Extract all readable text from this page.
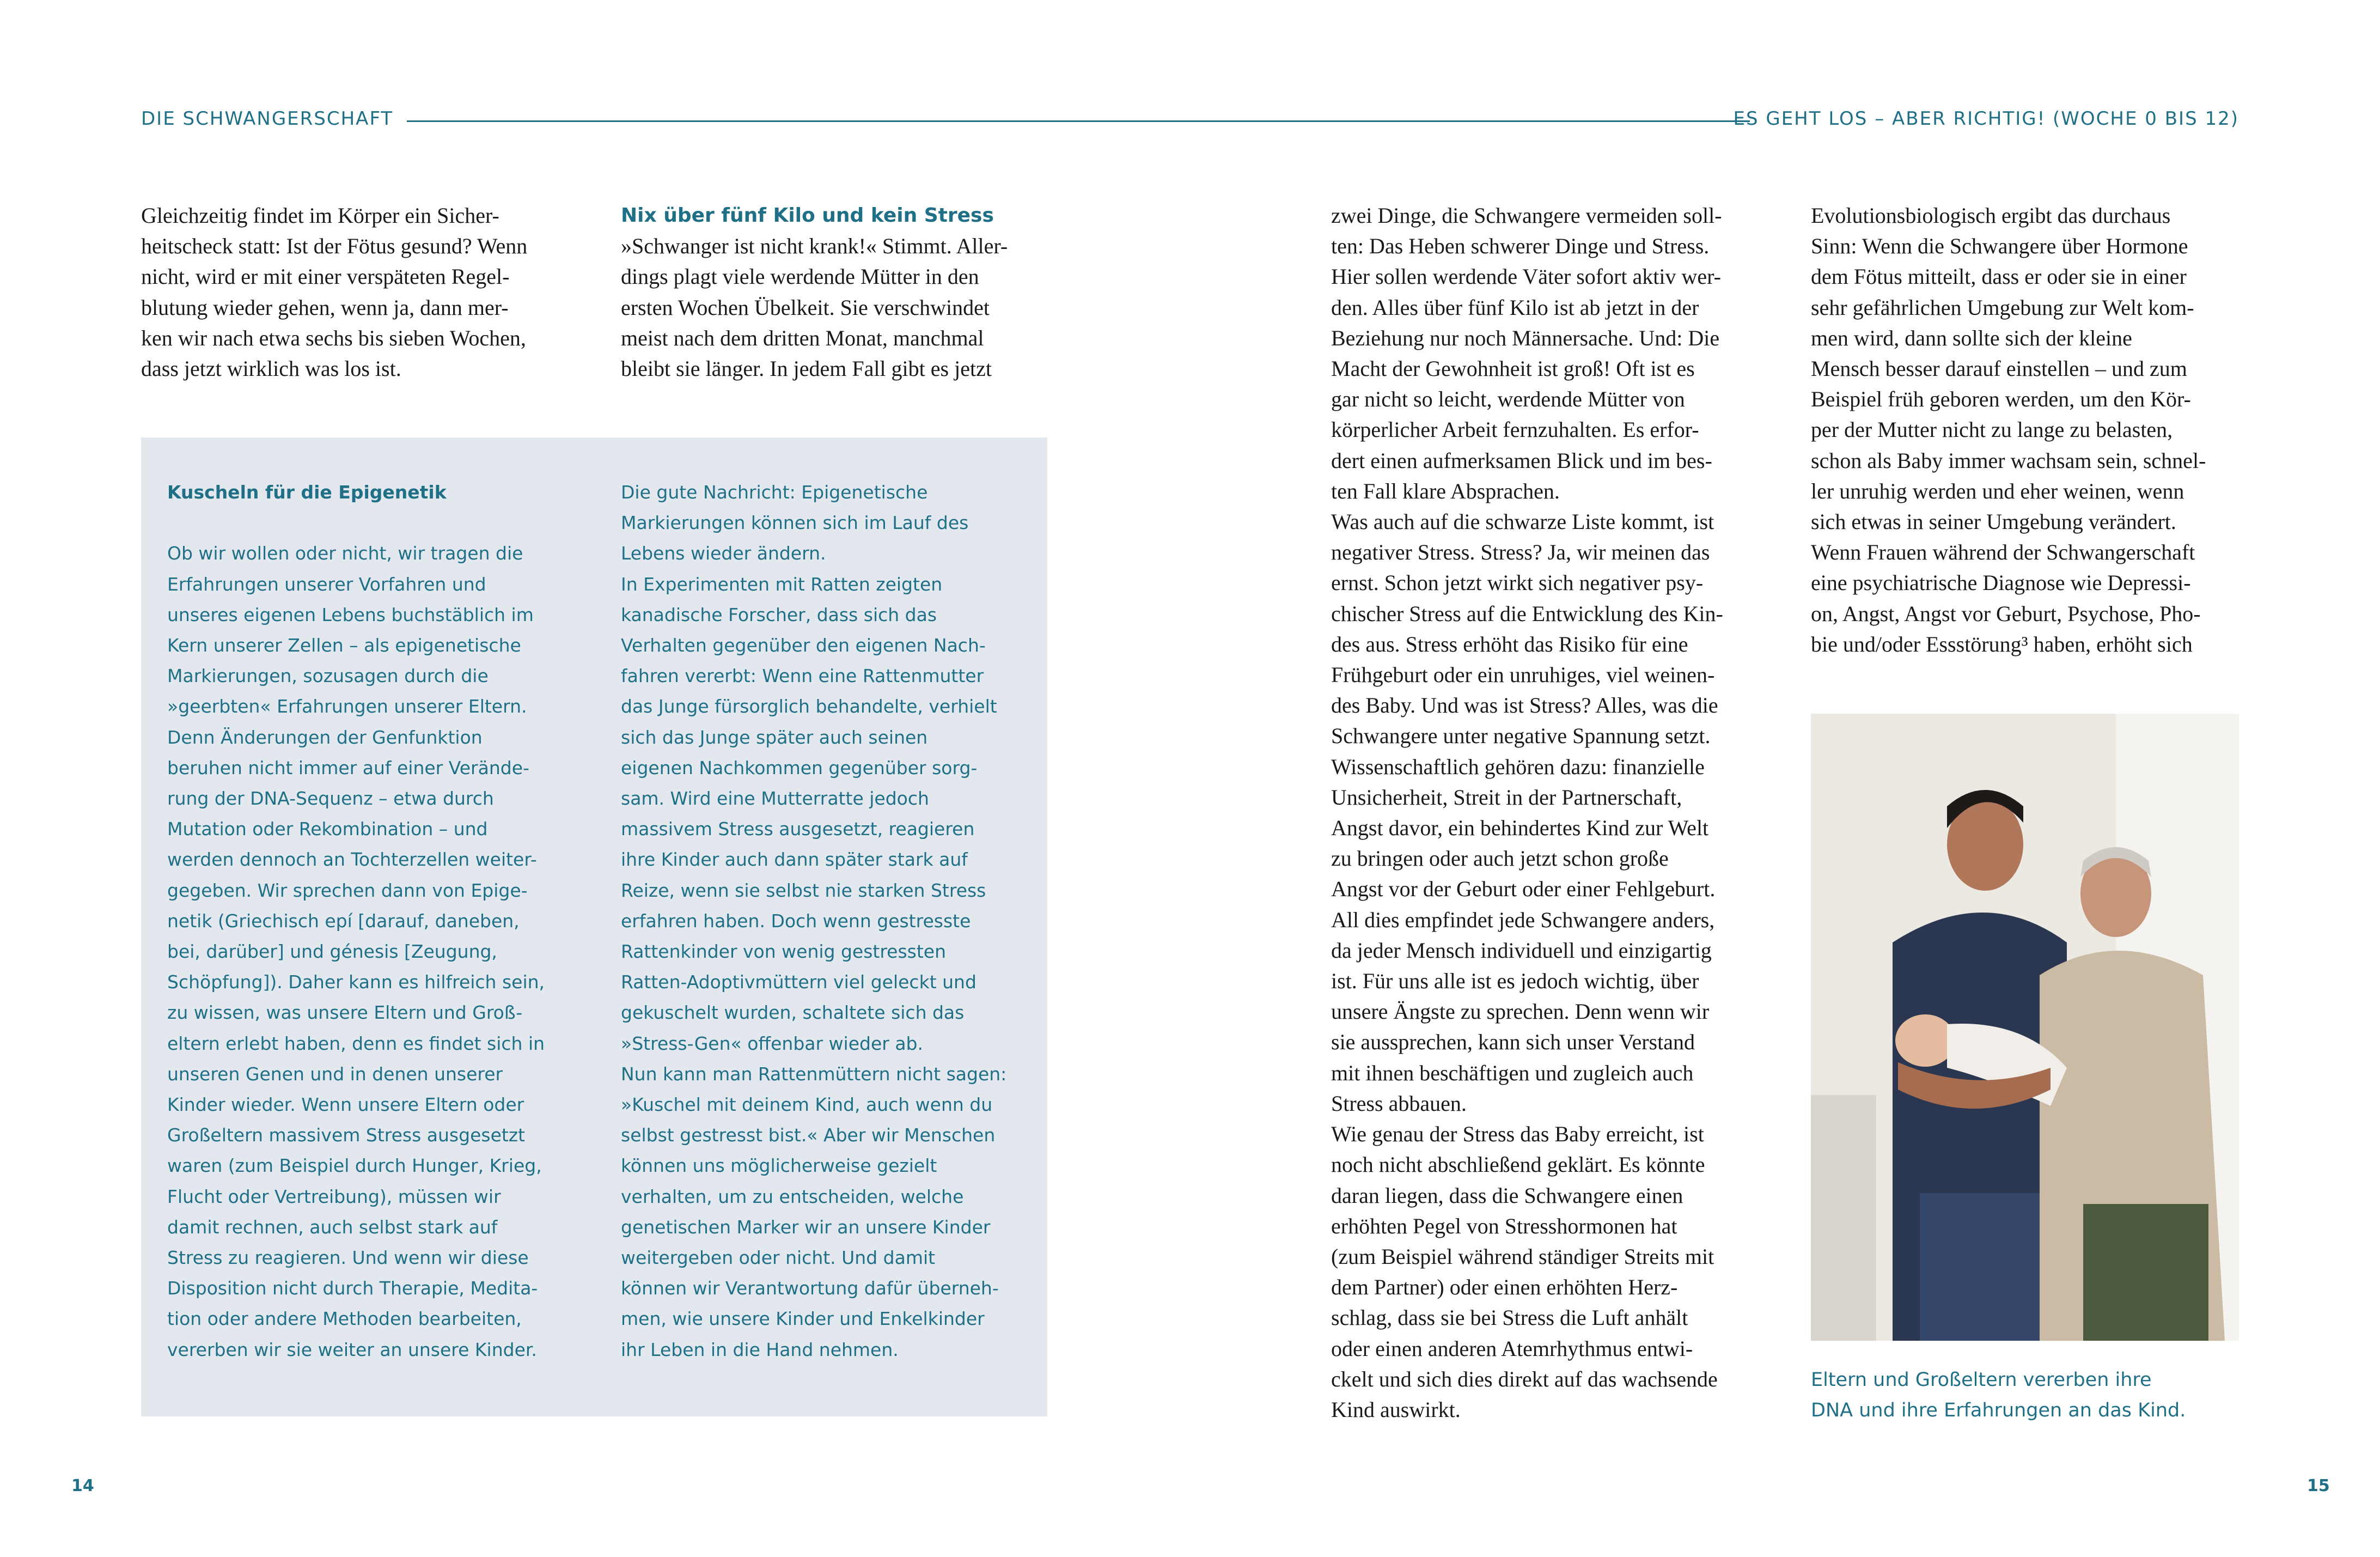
DIE SCHWANGERSCHAFT	ES GEHT LOS – ABER RICHTIG! (WOCHE 0 BIS 12)
Gleichzeitig findet im Körper ein Sicher-
heitscheck statt: Ist der Fötus gesund? Wenn
nicht, wird er mit einer verspäteten Regel-
blutung wieder gehen, wenn ja, dann mer-
ken wir nach etwa sechs bis sieben Wochen,
dass jetzt wirklich was los ist.
Nix über fünf Kilo und kein Stress
»Schwanger ist nicht krank!« Stimmt. Aller-
dings plagt viele werdende Mütter in den
ersten Wochen Übelkeit. Sie verschwindet
meist nach dem dritten Monat, manchmal
bleibt sie länger. In jedem Fall gibt es jetzt
Kuscheln für die Epigenetik
Ob wir wollen oder nicht, wir tragen die
Erfahrungen unserer Vorfahren und
unseres eigenen Lebens buchstäblich im
Kern unserer Zellen – als epigenetische
Markierungen, sozusagen durch die
»geerbten« Erfahrungen unserer Eltern.
Denn Änderungen der Genfunktion
beruhen nicht immer auf einer Verände-
rung der DNA-Sequenz – etwa durch
Mutation oder Rekombination – und
werden dennoch an Tochterzellen weiter-
gegeben. Wir sprechen dann von Epige-
netik (Griechisch epí [darauf, daneben,
bei, darüber] und génesis [Zeugung,
Schöpfung]). Daher kann es hilfreich sein,
zu wissen, was unsere Eltern und Groß-
eltern erlebt haben, denn es findet sich in
unseren Genen und in denen unserer
Kinder wieder. Wenn unsere Eltern oder
Großeltern massivem Stress ausgesetzt
waren (zum Beispiel durch Hunger, Krieg,
Flucht oder Vertreibung), müssen wir
damit rechnen, auch selbst stark auf
Stress zu reagieren. Und wenn wir diese
Disposition nicht durch Therapie, Medita-
tion oder andere Methoden bearbeiten,
vererben wir sie weiter an unsere Kinder.
Die gute Nachricht: Epigenetische
Markierungen können sich im Lauf des
Lebens wieder ändern.
In Experimenten mit Ratten zeigten
kanadische Forscher, dass sich das
Verhalten gegenüber den eigenen Nach-
fahren vererbt: Wenn eine Rattenmutter
das Junge fürsorglich behandelte, verhielt
sich das Junge später auch seinen
eigenen Nachkommen gegenüber sorg-
sam. Wird eine Mutterratte jedoch
massivem Stress ausgesetzt, reagieren
ihre Kinder auch dann später stark auf
Reize, wenn sie selbst nie starken Stress
erfahren haben. Doch wenn gestresste
Rattenkinder von wenig gestressten
Ratten-Adoptivmüttern viel geleckt und
gekuschelt wurden, schaltete sich das
»Stress-Gen« offenbar wieder ab.
Nun kann man Rattenmüttern nicht sagen:
»Kuschel mit deinem Kind, auch wenn du
selbst gestresst bist.« Aber wir Menschen
können uns möglicherweise gezielt
verhalten, um zu entscheiden, welche
genetischen Marker wir an unsere Kinder
weitergeben oder nicht. Und damit
können wir Verantwortung dafür überneh-
men, wie unsere Kinder und Enkelkinder
ihr Leben in die Hand nehmen.
zwei Dinge, die Schwangere vermeiden soll-
ten: Das Heben schwerer Dinge und Stress.
Hier sollen werdende Väter sofort aktiv wer-
den. Alles über fünf Kilo ist ab jetzt in der
Beziehung nur noch Männersache. Und: Die
Macht der Gewohnheit ist groß! Oft ist es
gar nicht so leicht, werdende Mütter von
körperlicher Arbeit fernzuhalten. Es erfor-
dert einen aufmerksamen Blick und im bes-
ten Fall klare Absprachen.
Was auch auf die schwarze Liste kommt, ist
negativer Stress. Stress? Ja, wir meinen das
ernst. Schon jetzt wirkt sich negativer psy-
chischer Stress auf die Entwicklung des Kin-
des aus. Stress erhöht das Risiko für eine
Frühgeburt oder ein unruhiges, viel weinen-
des Baby. Und was ist Stress? Alles, was die
Schwangere unter negative Spannung setzt.
Wissenschaftlich gehören dazu: finanzielle
Unsicherheit, Streit in der Partnerschaft,
Angst davor, ein behindertes Kind zur Welt
zu bringen oder auch jetzt schon große
Angst vor der Geburt oder einer Fehlgeburt.
All dies empfindet jede Schwangere anders,
da jeder Mensch individuell und einzigartig
ist. Für uns alle ist es jedoch wichtig, über
unsere Ängste zu sprechen. Denn wenn wir
sie aussprechen, kann sich unser Verstand
mit ihnen beschäftigen und zugleich auch
Stress abbauen.
Wie genau der Stress das Baby erreicht, ist
noch nicht abschließend geklärt. Es könnte
daran liegen, dass die Schwangere einen
erhöhten Pegel von Stresshormonen hat
(zum Beispiel während ständiger Streits mit
dem Partner) oder einen erhöhten Herz-
schlag, dass sie bei Stress die Luft anhält
oder einen anderen Atemrhythmus entwi-
ckelt und sich dies direkt auf das wachsende
Kind auswirkt.
Evolutionsbiologisch ergibt das durchaus
Sinn: Wenn die Schwangere über Hormone
dem Fötus mitteilt, dass er oder sie in einer
sehr gefährlichen Umgebung zur Welt kom-
men wird, dann sollte sich der kleine
Mensch besser darauf einstellen – und zum
Beispiel früh geboren werden, um den Kör-
per der Mutter nicht zu lange zu belasten,
schon als Baby immer wachsam sein, schnel-
ler unruhig werden und eher weinen, wenn
sich etwas in seiner Umgebung verändert.
Wenn Frauen während der Schwangerschaft
eine psychiatrische Diagnose wie Depressi-
on, Angst, Angst vor Geburt, Psychose, Pho-
bie und/oder Essstörung³ haben, erhöht sich
Eltern und Großeltern vererben ihre
DNA und ihre Erfahrungen an das Kind.
14	15
